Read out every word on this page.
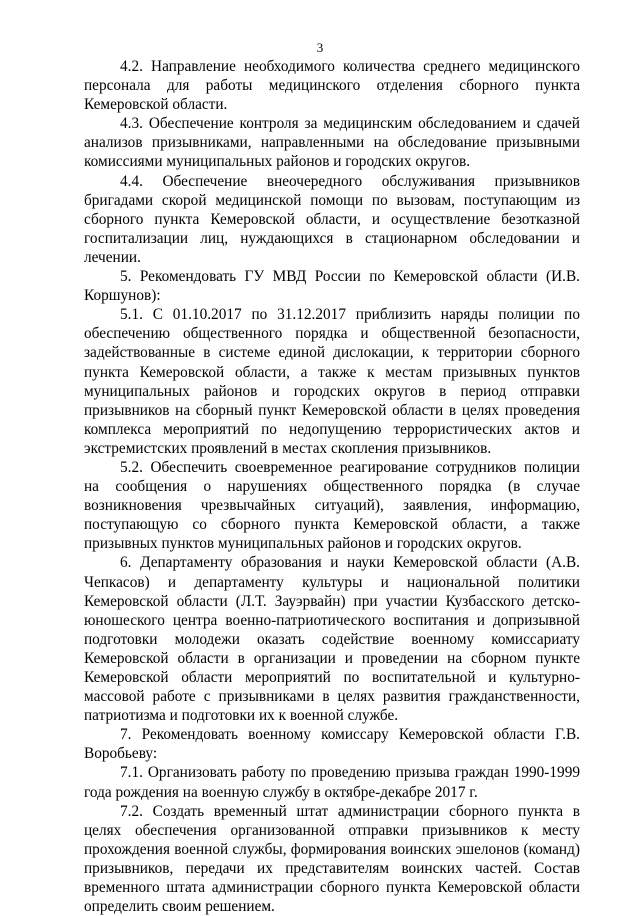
3

4.2. Направление необходимого количества среднего медицинского персонала для работы медицинского отделения сборного пункта Кемеровской области.

4.3. Обеспечение контроля за медицинским обследованием и сдачей анализов призывниками, направленными на обследование призывными комиссиями муниципальных районов и городских округов.

4.4. Обеспечение внеочередного обслуживания призывников бригадами скорой медицинской помощи по вызовам, поступающим из сборного пункта Кемеровской области, и осуществление безотказной госпитализации лиц, нуждающихся в стационарном обследовании и лечении.

5. Рекомендовать ГУ МВД России по Кемеровской области (И.В. Коршунов):

5.1. С 01.10.2017 по 31.12.2017 приблизить наряды полиции по обеспечению общественного порядка и общественной безопасности, задействованные в системе единой дислокации, к территории сборного пункта Кемеровской области, а также к местам призывных пунктов муниципальных районов и городских округов в период отправки призывников на сборный пункт Кемеровской области в целях проведения комплекса мероприятий по недопущению террористических актов и экстремистских проявлений в местах скопления призывников.

5.2. Обеспечить своевременное реагирование сотрудников полиции на сообщения о нарушениях общественного порядка (в случае возникновения чрезвычайных ситуаций), заявления, информацию, поступающую со сборного пункта Кемеровской области, а также призывных пунктов муниципальных районов и городских округов.

6. Департаменту образования и науки Кемеровской области (А.В. Чепкасов) и департаменту культуры и национальной политики Кемеровской области (Л.Т. Зауэрвайн) при участии Кузбасского детско-юношеского центра военно-патриотического воспитания и допризывной подготовки молодежи оказать содействие военному комиссариату Кемеровской области в организации и проведении на сборном пункте Кемеровской области мероприятий по воспитательной и культурно-массовой работе с призывниками в целях развития гражданственности, патриотизма и подготовки их к военной службе.

7. Рекомендовать военному комиссару Кемеровской области Г.В. Воробьеву:

7.1. Организовать работу по проведению призыва граждан 1990-1999 года рождения на военную службу в октябре-декабре 2017 г.

7.2. Создать временный штат администрации сборного пункта в целях обеспечения организованной отправки призывников к месту прохождения военной службы, формирования воинских эшелонов (команд) призывников, передачи их представителям воинских частей. Состав временного штата администрации сборного пункта Кемеровской области определить своим решением.
